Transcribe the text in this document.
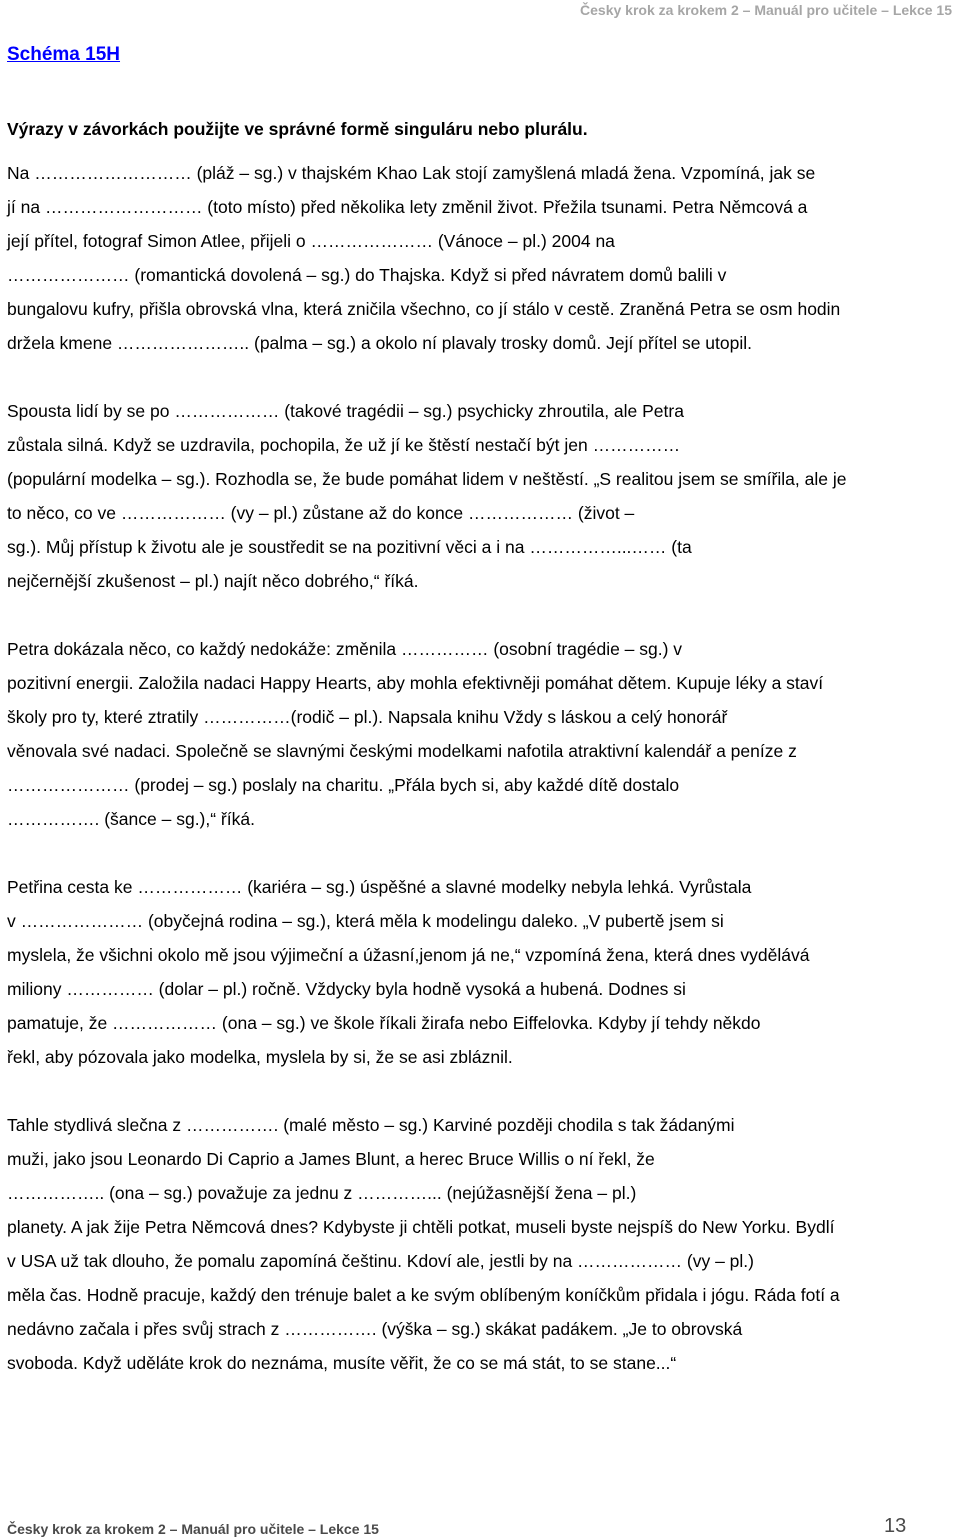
Česky krok za krokem 2 – Manuál pro učitele – Lekce 15
Schéma 15H
Výrazy v závorkách použijte ve správné formě singuláru nebo plurálu.
Na ……………………… (pláž – sg.) v thajském Khao Lak stojí zamyšlená mladá žena. Vzpomíná, jak se
jí na ……………………… (toto místo) před několika lety změnil život. Přežila tsunami. Petra Němcová a
její přítel, fotograf Simon Atlee, přijeli o ………………… (Vánoce – pl.) 2004 na
………………… (romantická dovolená – sg.) do Thajska. Když si před návratem domů balili v
bungalovu kufry, přišla obrovská vlna, která zničila všechno, co jí stálo v cestě. Zraněná Petra se osm hodin
držela kmene ………………….. (palma – sg.) a okolo ní plavaly trosky domů. Její přítel se utopil.
Spousta lidí by se po ……………… (takové tragédii – sg.) psychicky zhroutila, ale Petra
zůstala silná. Když se uzdravila, pochopila, že už jí ke štěstí nestačí být jen ……………
(populární modelka – sg.). Rozhodla se, že bude pomáhat lidem v neštěstí. „S realitou jsem se smířila, ale je
to něco, co ve ……………… (vy – pl.) zůstane až do konce ……………… (život –
sg.). Můj přístup k životu ale je soustředit se na pozitivní věci a i na ……………...…… (ta
nejčernější zkušenost – pl.) najít něco dobrého,“ říká.
Petra dokázala něco, co každý nedokáže: změnila …………… (osobní tragédie – sg.) v
pozitivní energii. Založila nadaci Happy Hearts, aby mohla efektivněji pomáhat dětem. Kupuje léky a staví
školy pro ty, které ztratily ……………(rodič – pl.). Napsala knihu Vždy s láskou a celý honorář
věnovala své nadaci. Společně se slavnými českými modelkami nafotila atraktivní kalendář a peníze z
………………… (prodej – sg.) poslaly na charitu. „Přála bych si, aby každé dítě dostalo
……………. (šance – sg.),“ říká.
Petřina cesta ke ……………… (kariéra – sg.) úspěšné a slavné modelky nebyla lehká. Vyrůstala
v ………………… (obyčejná rodina – sg.), která měla k modelingu daleko. „V pubertě jsem si
myslela, že všichni okolo mě jsou výjimeční a úžasní,jenom já ne,“ vzpomíná žena, která dnes vydělává
miliony …………… (dolar – pl.) ročně. Vždycky byla hodně vysoká a hubená. Dodnes si
pamatuje, že ……………… (ona – sg.) ve škole říkali žirafa nebo Eiffelovka. Kdyby jí tehdy někdo
řekl, aby pózovala jako modelka, myslela by si, že se asi zbláznil.
Tahle stydlivá slečna z ……………. (malé město – sg.) Karviné později chodila s tak žádanými
muži, jako jsou Leonardo Di Caprio a James Blunt, a herec Bruce Willis o ní řekl, že
…………….. (ona – sg.) považuje za jednu z …………... (nejúžasnější žena – pl.)
planety. A jak žije Petra Němcová dnes? Kdybyste ji chtěli potkat, museli byste nejspíš do New Yorku. Bydlí
v USA už tak dlouho, že pomalu zapomíná češtinu. Kdoví ale, jestli by na ……………… (vy – pl.)
měla čas. Hodně pracuje, každý den trénuje balet a ke svým oblíbeným koníčkům přidala i jógu. Ráda fotí a
nedávno začala i přes svůj strach z ……………. (výška – sg.) skákat padákem. „Je to obrovská
svoboda. Když uděláte krok do neznáma, musíte věřit, že co se má stát, to se stane...“
Česky krok za krokem 2 – Manuál pro učitele – Lekce 15	13
